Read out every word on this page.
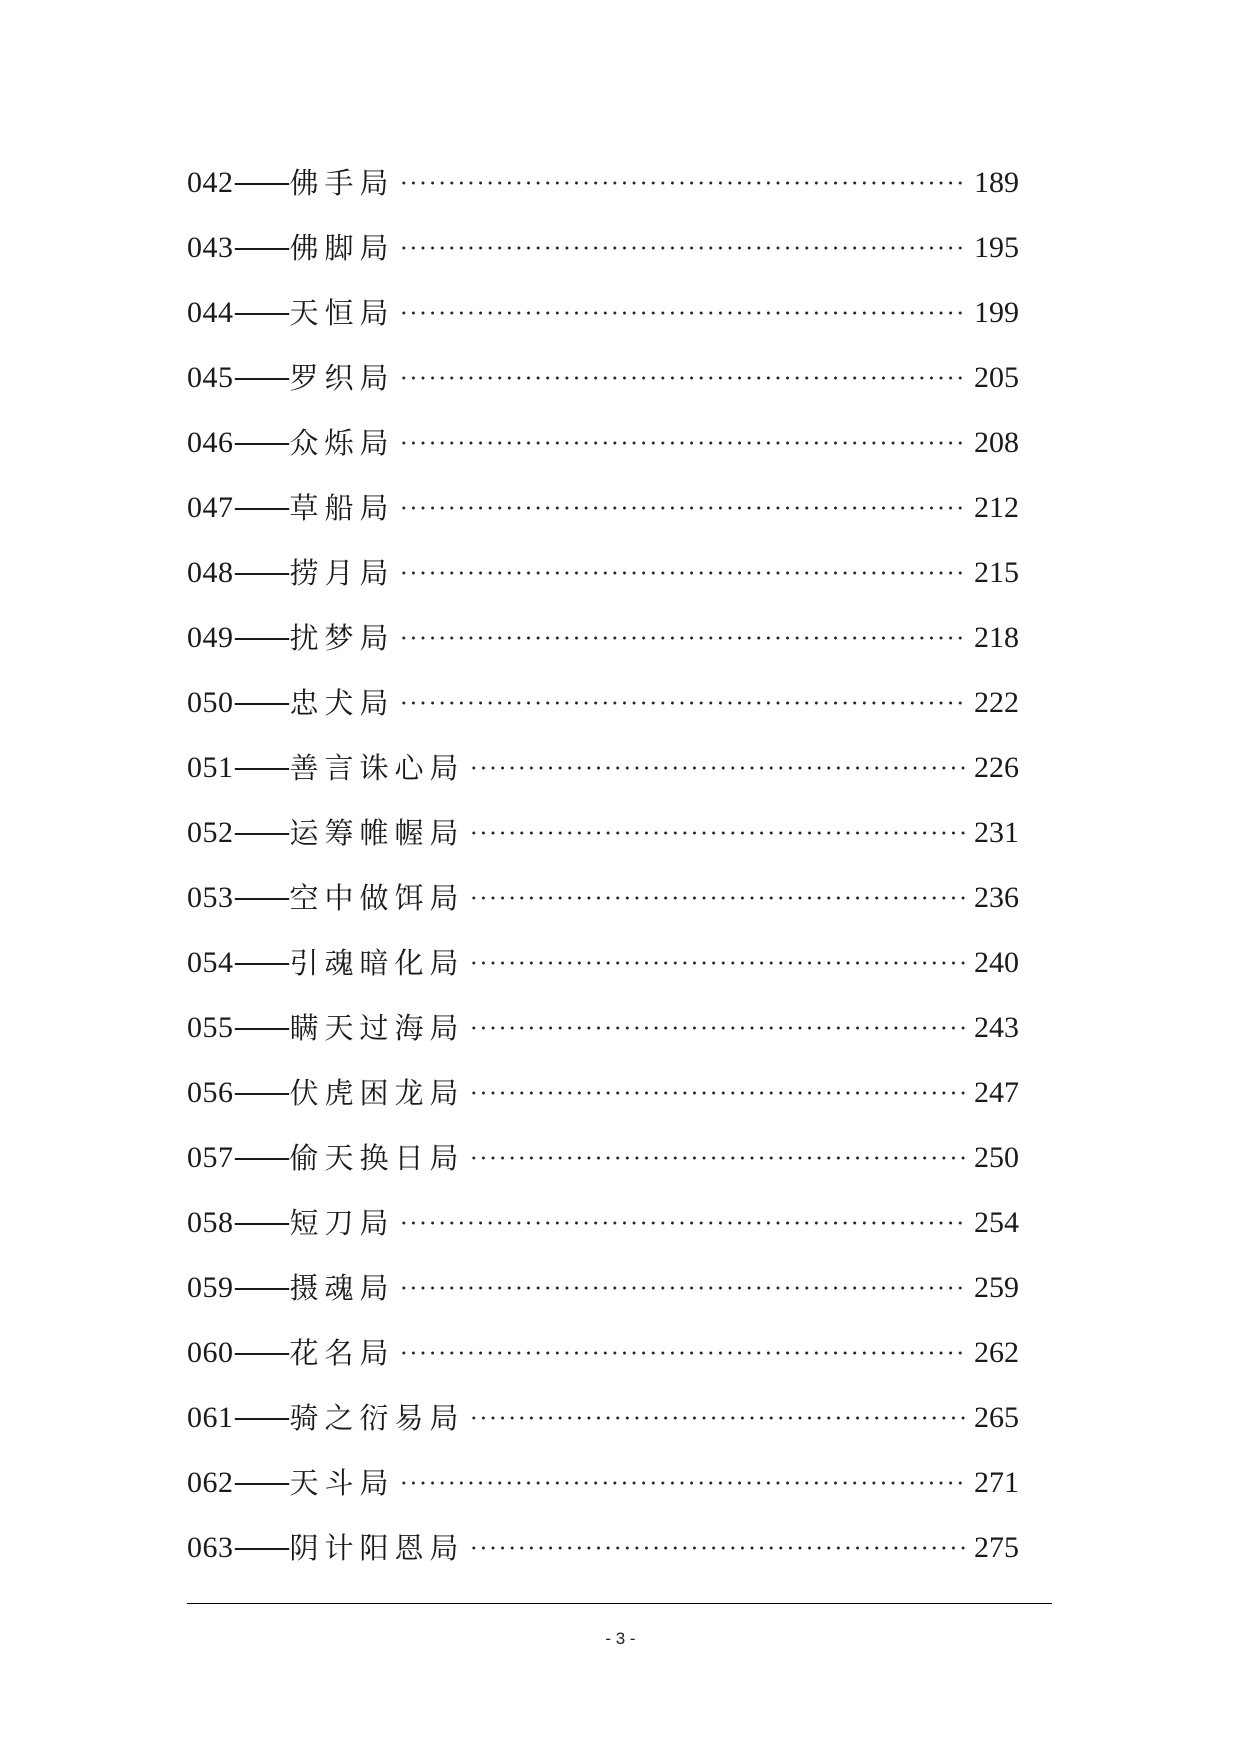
042 —— 佛手局	189
043 —— 佛脚局	195
044 —— 天恒局	199
045 —— 罗织局	205
046 —— 众烁局	208
047 —— 草船局	212
048 —— 捞月局	215
049 —— 扰梦局	218
050 —— 忠犬局	222
051 —— 善言诛心局	226
052 —— 运筹帷幄局	231
053 —— 空中做饵局	236
054 —— 引魂暗化局	240
055 —— 瞒天过海局	243
056 —— 伏虎困龙局	247
057 —— 偷天换日局	250
058 —— 短刀局	254
059 —— 摄魂局	259
060 —— 花名局	262
061 —— 骑之衍易局	265
062 —— 天斗局	271
063 —— 阴计阳恩局	275
- 3 -
